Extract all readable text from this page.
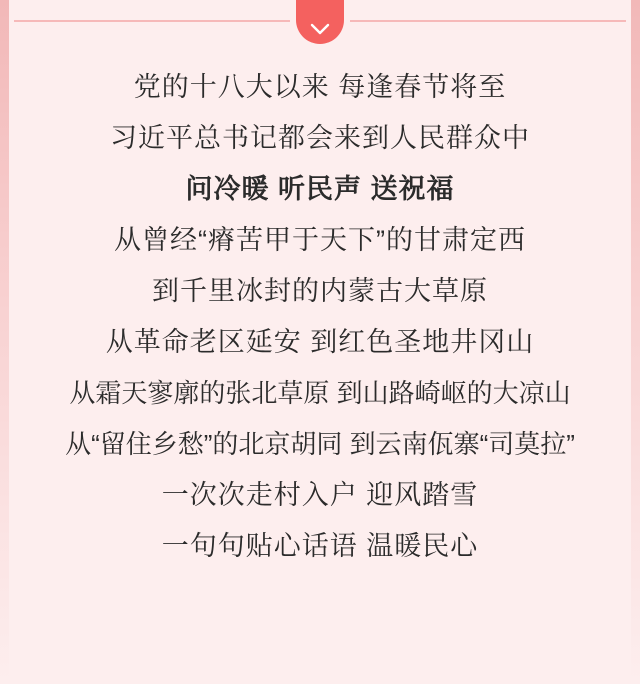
党的十八大以来 每逢春节将至
习近平总书记都会来到人民群众中
问冷暖 听民声 送祝福
从曾经“瘠苦甲于天下”的甘肃定西
到千里冰封的内蒙古大草原
从革命老区延安 到红色圣地井冈山
从霜天寥廓的张北草原 到山路崎岖的大凉山
从“留住乡愁”的北京胡同 到云南佤寨“司莫拉”
一次次走村入户 迎风踏雪
一句句贴心话语 温暖民心
